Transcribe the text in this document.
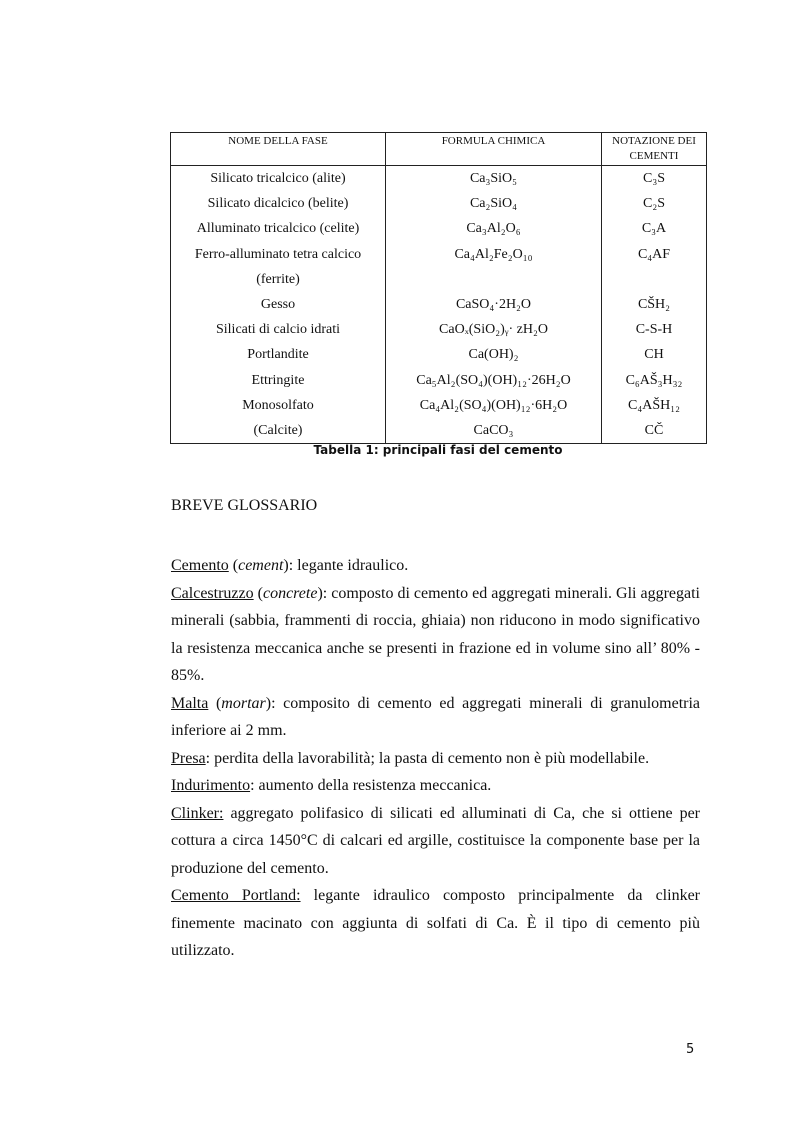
NOME DELLA FASE	FORMULA CHIMICA	NOTAZIONE DEI CEMENTI
Silicato tricalcico (alite)	Ca₃SiO₅	C₃S
Silicato dicalcico (belite)	Ca₂SiO₄	C₂S
Alluminato tricalcico (celite)	Ca₃Al₂O₆	C₃A
Ferro-alluminato tetra calcico	Ca₄Al₂Fe₂O₁₀	C₄AF
(ferrite)		
Gesso	CaSO₄·2H₂O	CŠH₂
Silicati di calcio idrati	CaOₓ(SiO₂)ᵧ· zH₂O	C-S-H
Portlandite	Ca(OH)₂	CH
Ettringite	Ca₅Al₂(SO₄)(OH)₁₂·26H₂O	C₆AŠ₃H₃₂
Monosolfato	Ca₄Al₂(SO₄)(OH)₁₂·6H₂O	C₄AŠH₁₂
(Calcite)	CaCO₃	CČ
Tabella 1: principali fasi del cemento
BREVE GLOSSARIO

Cemento (cement): legante idraulico.

Calcestruzzo (concrete): composto di cemento ed aggregati minerali. Gli aggregati minerali (sabbia, frammenti di roccia, ghiaia) non riducono in modo significativo la resistenza meccanica anche se presenti in frazione ed in volume sino all’ 80% - 85%.

Malta (mortar): composito di cemento ed aggregati minerali di granulometria inferiore ai 2 mm.

Presa: perdita della lavorabilità; la pasta di cemento non è più modellabile.

Indurimento: aumento della resistenza meccanica.

Clinker: aggregato polifasico di silicati ed alluminati di Ca, che si ottiene per cottura a circa 1450°C di calcari ed argille, costituisce la componente base per la produzione del cemento.

Cemento Portland: legante idraulico composto principalmente da clinker finemente macinato con aggiunta di solfati di Ca. È il tipo di cemento più utilizzato.

5
